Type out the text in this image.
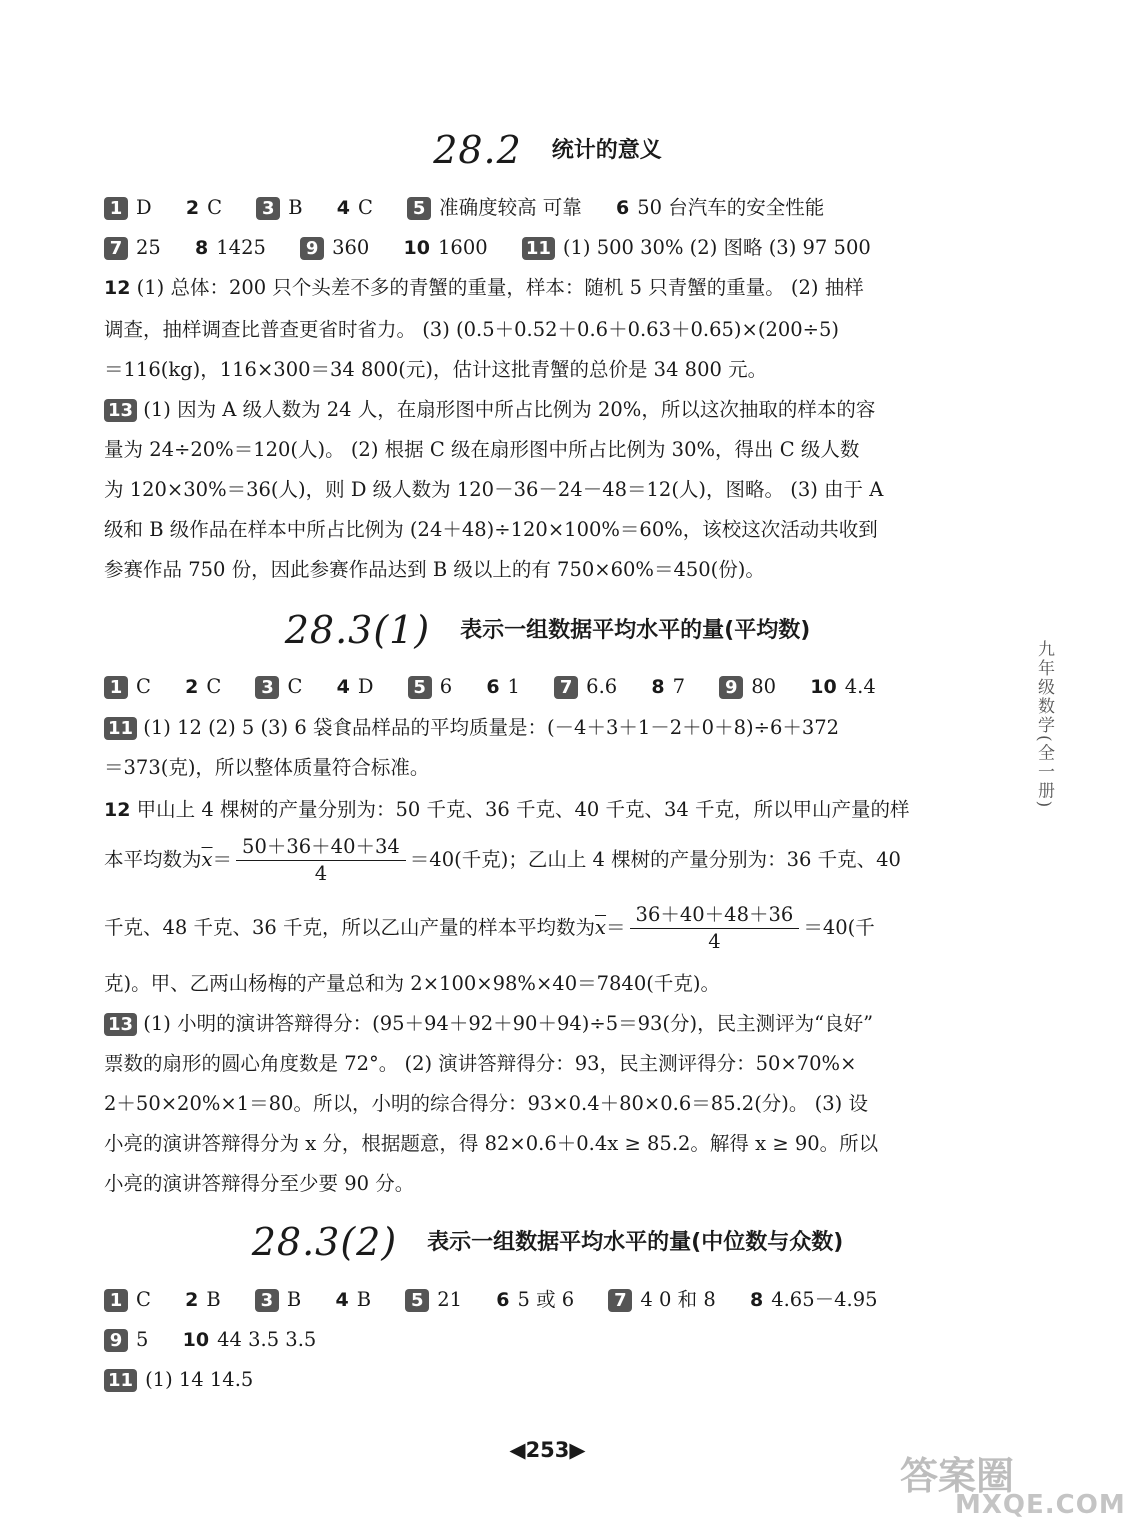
28.2 统计的意义
1 D 2 C 3 B 4 C 5 准确度较高 可靠 6 50 台汽车的安全性能
7 25 8 1425 9 360 10 1600 11 (1) 500 30% (2) 图略 (3) 97 500
12 (1) 总体：200 只个头差不多的青蟹的重量，样本：随机 5 只青蟹的重量。 (2) 抽样
调查，抽样调查比普查更省时省力。 (3) (0.5＋0.52＋0.6＋0.63＋0.65)×(200÷5)
＝116(kg)，116×300＝34 800(元)，估计这批青蟹的总价是 34 800 元。
13 (1) 因为 A 级人数为 24 人，在扇形图中所占比例为 20%，所以这次抽取的样本的容
量为 24÷20%＝120(人)。 (2) 根据 C 级在扇形图中所占比例为 30%，得出 C 级人数
为 120×30%＝36(人)，则 D 级人数为 120－36－24－48＝12(人)，图略。 (3) 由于 A
级和 B 级作品在样本中所占比例为 (24＋48)÷120×100%＝60%，该校这次活动共收到
参赛作品 750 份，因此参赛作品达到 B 级以上的有 750×60%＝450(份)。
28.3(1) 表示一组数据平均水平的量(平均数)
1 C 2 C 3 C 4 D 5 6 6 1 7 6.6 8 7 9 80 10 4.4
11 (1) 12 (2) 5 (3) 6 袋食品样品的平均质量是：(－4＋3＋1－2＋0＋8)÷6＋372
＝373(克)，所以整体质量符合标准。
12 甲山上 4 棵树的产量分别为：50 千克、36 千克、40 千克、34 千克，所以甲山产量的样
本平均数为$\overline{x}= \frac{50+36+40+34}{4} =40$(千克)；乙山上 4 棵树的产量分别为：36 千克、40
千克、48 千克、36 千克，所以乙山产量的样本平均数为$\overline{x}= \frac{36+40+48+36}{4} =40$(千
克)。甲、乙两山杨梅的产量总和为 2×100×98%×40＝7840(千克)。
13 (1) 小明的演讲答辩得分：(95＋94＋92＋90＋94)÷5＝93(分)，民主测评为“良好”
票数的扇形的圆心角度数是 72°。 (2) 演讲答辩得分：93，民主测评得分：50×70%×
2＋50×20%×1＝80。所以，小明的综合得分：93×0.4＋80×0.6＝85.2(分)。 (3) 设
小亮的演讲答辩得分为 x 分，根据题意，得 82×0.6＋0.4x ≥ 85.2。解得 x ≥ 90。所以
小亮的演讲答辩得分至少要 90 分。
28.3(2) 表示一组数据平均水平的量(中位数与众数)
1 C 2 B 3 B 4 B 5 21 6 5 或 6 7 4 0 和 8 8 4.65－4.95
9 5 10 44 3.5 3.5
11 (1) 14 14.5
九年级数学(全一册)
◀253▶
答案圈
MXQE.COM
